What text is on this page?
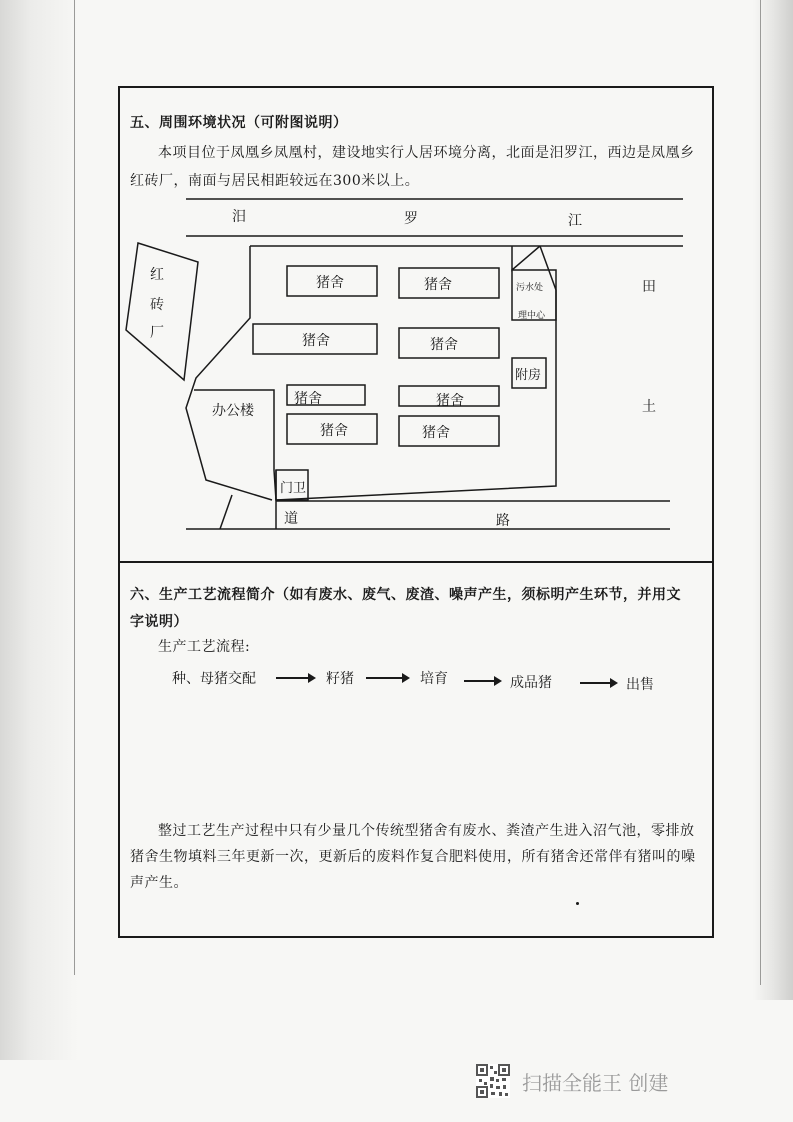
五、周围环境状况（可附图说明）
本项目位于凤凰乡凤凰村，建设地实行人居环境分离，北面是汨罗江，西边是凤凰乡
红砖厂，南面与居民相距较远在300米以上。
汨	罗	江
红
砖
厂
田
土
猪舍	猪舍
猪舍	猪舍
猪舍	猪舍
猪舍	猪舍
污水处
理中心
附房
办公楼
门卫
道	路
六、生产工艺流程简介（如有废水、废气、废渣、噪声产生，须标明产生环节，并用文
字说明）
生产工艺流程:
种、母猪交配	籽猪	培育	成品猪	出售
整过工艺生产过程中只有少量几个传统型猪舍有废水、粪渣产生进入沼气池，零排放
猪舍生物填料三年更新一次，更新后的废料作复合肥料使用，所有猪舍还常伴有猪叫的噪
声产生。
扫描全能王 创建
